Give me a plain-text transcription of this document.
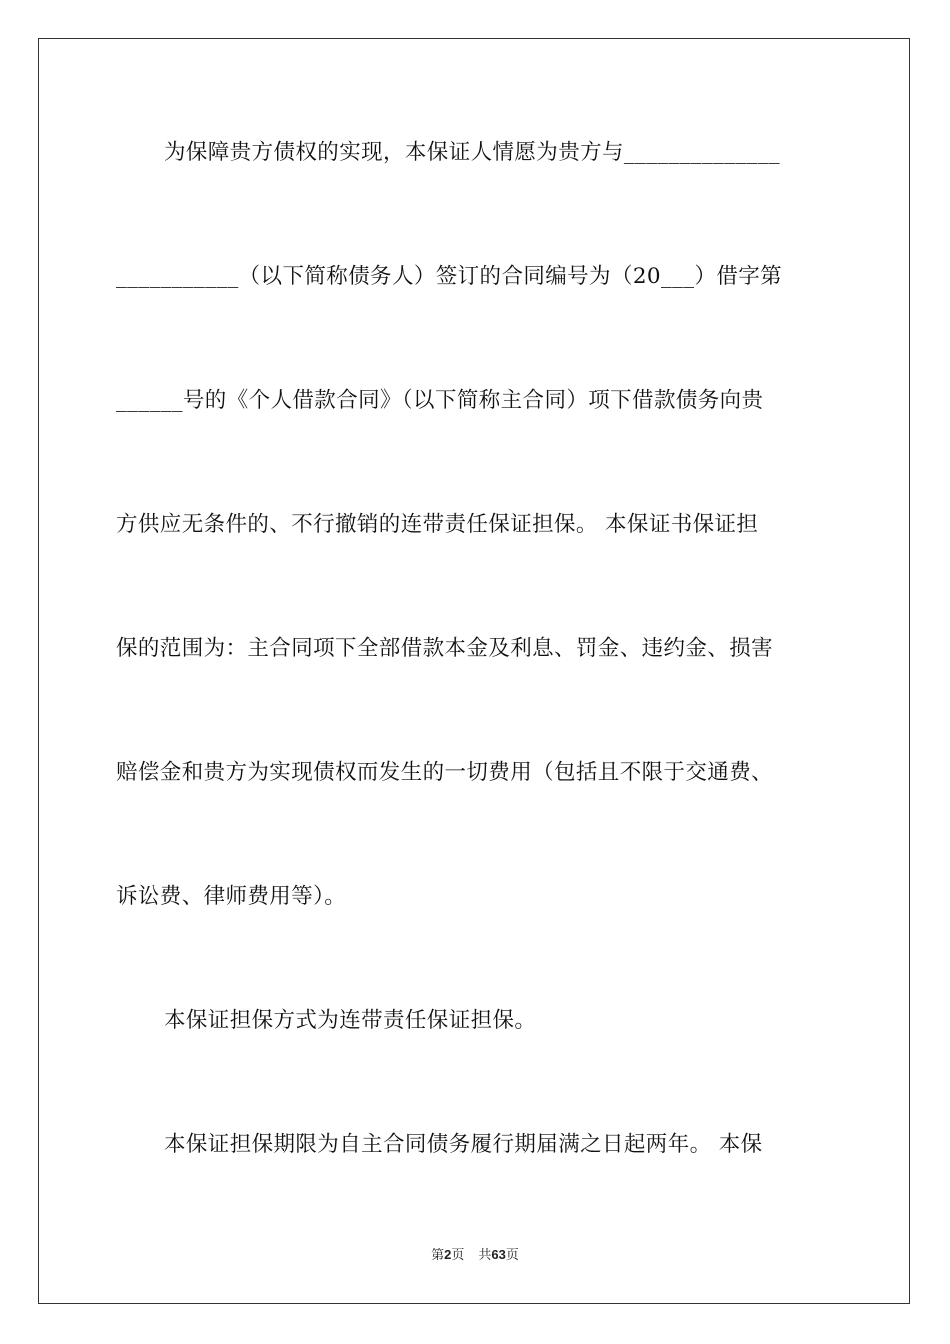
为保障贵方债权的实现，本保证人情愿为贵方与______________
___________（以下简称债务人）签订的合同编号为（20___）借字第
______号的《个人借款合同》（以下简称主合同）项下借款债务向贵
方供应无条件的、不行撤销的连带责任保证担保。 本保证书保证担
保的范围为：主合同项下全部借款本金及利息、罚金、违约金、损害
赔偿金和贵方为实现债权而发生的一切费用（包括且不限于交通费、
诉讼费、律师费用等）。
本保证担保方式为连带责任保证担保。
本保证担保期限为自主合同债务履行期届满之日起两年。 本保
第2页 共63页
